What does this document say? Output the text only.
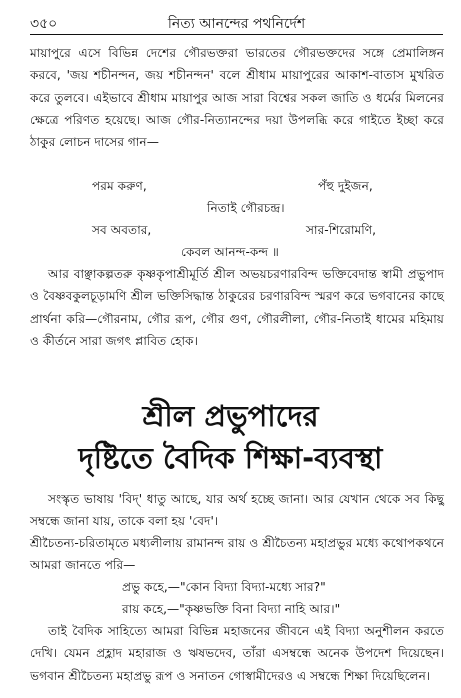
৩৫০	নিত্য আনন্দের পথনির্দেশ
মায়াপুরে এসে বিভিন্ন দেশের গৌরভক্তরা ভারতের গৌরভক্তদের সঙ্গে প্রেমালিঙ্গন করবে, 'জয় শচীনন্দন, জয় শচীনন্দন' বলে শ্রীধাম মায়াপুরের আকাশ-বাতাস মুখরিত করে তুলবে। এইভাবে শ্রীধাম মায়াপুর আজ সারা বিশ্বের সকল জাতি ও ধর্মের মিলনের ক্ষেত্রে পরিণত হয়েছে। আজ গৌর-নিত্যানন্দের দয়া উপলব্ধি করে গাইতে ইচ্ছা করে ঠাকুর লোচন দাসের গান—
পরম করুণ,	পঁহু দুইজন,
নিতাই গৌরচন্দ্র।
সব অবতার,	সার-শিরোমণি,
কেবল আনন্দ-কন্দ ॥
আর বাঞ্ছাকল্পতরু কৃষ্ণকৃপাশ্রীমূর্তি শ্রীল অভয়চরণারবিন্দ ভক্তিবেদান্ত স্বামী প্রভুপাদ ও বৈষ্ণবকুলচূড়ামণি শ্রীল ভক্তিসিদ্ধান্ত ঠাকুরের চরণারবিন্দ স্মরণ করে ভগবানের কাছে প্রার্থনা করি—গৌরনাম, গৌর রূপ, গৌর গুণ, গৌরলীলা, গৌর-নিতাই ধামের মহিমায় ও কীর্তনে সারা জগৎ প্লাবিত হোক।
শ্রীল প্রভুপাদের
দৃষ্টিতে বৈদিক শিক্ষা-ব্যবস্থা
সংস্কৃত ভাষায় 'বিদ্' ধাতু আছে, যার অর্থ হচ্ছে জানা। আর যেখান থেকে সব কিছু সম্বন্ধে জানা যায়, তাকে বলা হয় 'বেদ'।
শ্রীচৈতন্য-চরিতামৃতে মধ্যলীলায় রামানন্দ রায় ও শ্রীচৈতন্য মহাপ্রভুর মধ্যে কথোপকথনে আমরা জানতে পরি—
প্রভু কহে,—"কোন বিদ্যা বিদ্যা-মধ্যে সার?"
রায় কহে,—"কৃষ্ণভক্তি বিনা বিদ্যা নাহি আর।"
তাই বৈদিক সাহিত্যে আমরা বিভিন্ন মহাজনের জীবনে এই বিদ্যা অনুশীলন করতে দেখি। যেমন প্রহ্লাদ মহারাজ ও ঋষভদেব, তাঁরা এসম্বন্ধে অনেক উপদেশ দিয়েছেন। ভগবান শ্রীচৈতন্য মহাপ্রভু রূপ ও সনাতন গোস্বামীদেরও এ সম্বন্ধে শিক্ষা দিয়েছিলেন।
